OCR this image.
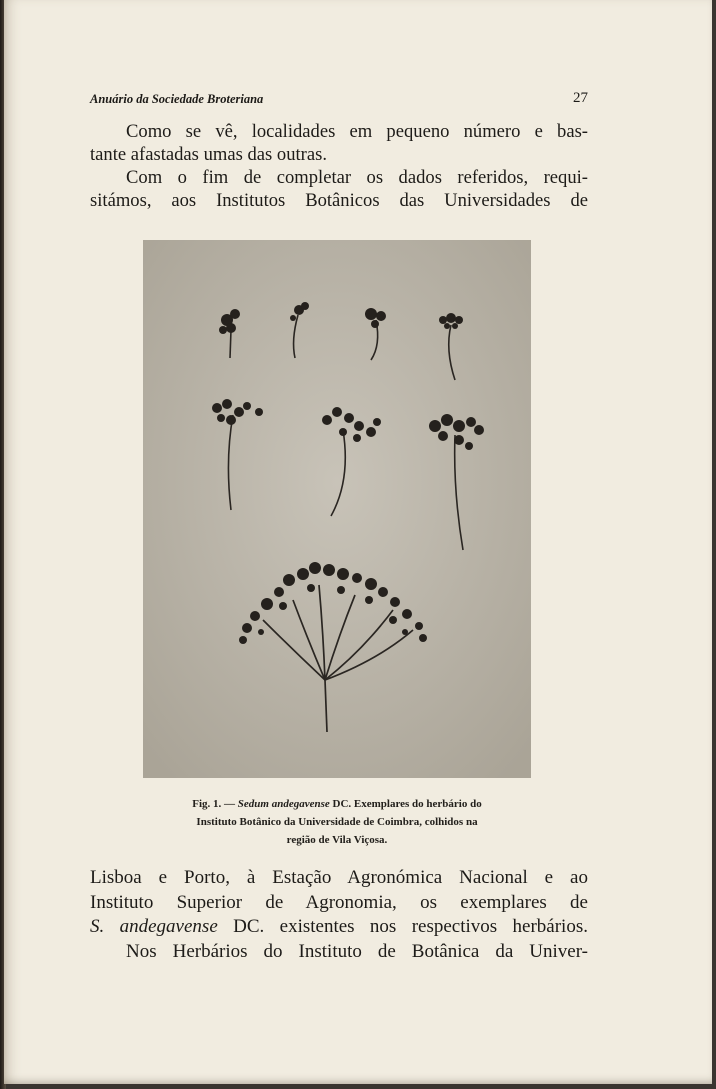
Anuário da Sociedade Broteriana	27
Como se vê, localidades em pequeno número e bas-
tante afastadas umas das outras.
Com o fim de completar os dados referidos, requi-
sitámos, aos Institutos Botânicos das Universidades de
Fig. 1. — Sedum andegavense DC. Exemplares do herbário do
Instituto Botânico da Universidade de Coimbra, colhidos na
região de Vila Viçosa.
Lisboa e Porto, à Estação Agronómica Nacional e ao
Instituto Superior de Agronomia, os exemplares de
S. andegavense DC. existentes nos respectivos herbários.
Nos Herbários do Instituto de Botânica da Univer-
